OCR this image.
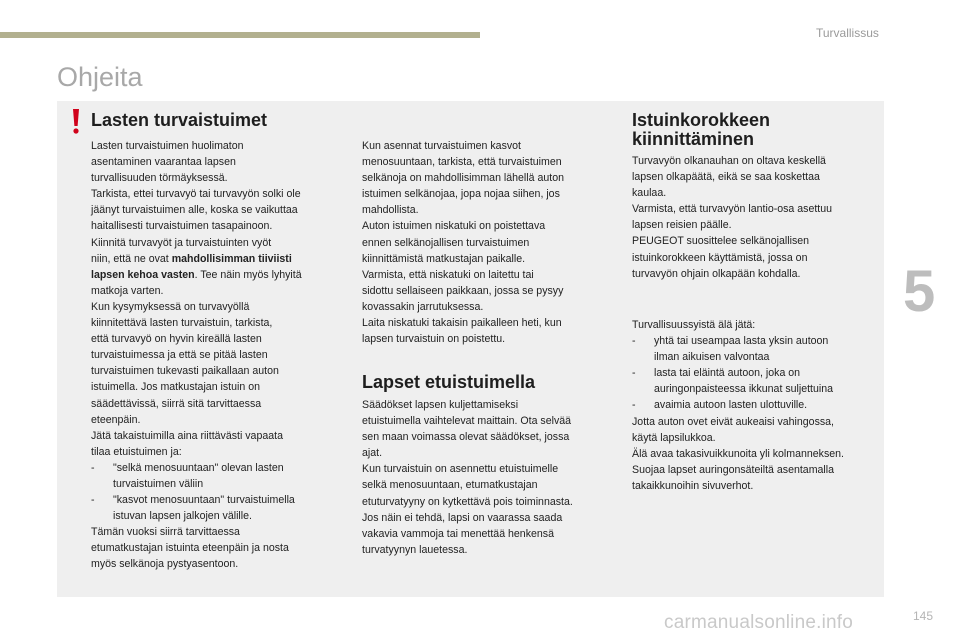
Turvallissus
5
Ohjeita
Lasten turvaistuimet

Lasten turvaistuimen huolimaton

asentaminen vaarantaa lapsen

turvallisuuden törmäyksessä.

Tarkista, ettei turvavyö tai turvavyön solki ole

jäänyt turvaistuimen alle, koska se vaikuttaa

haitallisesti turvaistuimen tasapainoon.

Kiinnitä turvavyöt ja turvaistuinten vyöt

niin, että ne ovat mahdollisimman tiiviisti

lapsen kehoa vasten. Tee näin myös lyhyitä

matkoja varten.

Kun kysymyksessä on turvavyöllä

kiinnitettävä lasten turvaistuin, tarkista,

että turvavyö on hyvin kireällä lasten

turvaistuimessa ja että se pitää lasten

turvaistuimen tukevasti paikallaan auton

istuimella. Jos matkustajan istuin on

säädettävissä, siirrä sitä tarvittaessa

eteenpäin.

Jätä takaistuimilla aina riittävästi vapaata

tilaa etuistuimen ja:

- "selkä menosuuntaan" olevan lasten

turvaistuimen väliin

- "kasvot menosuuntaan" turvaistuimella

istuvan lapsen jalkojen välille.

Tämän vuoksi siirrä tarvittaessa

etumatkustajan istuinta eteenpäin ja nosta

myös selkänoja pystyasentoon.

Kun asennat turvaistuimen kasvot

menosuuntaan, tarkista, että turvaistuimen

selkänoja on mahdollisimman lähellä auton

istuimen selkänojaa, jopa nojaa siihen, jos

mahdollista.

Auton istuimen niskatuki on poistettava

ennen selkänojallisen turvaistuimen

kiinnittämistä matkustajan paikalle.

Varmista, että niskatuki on laitettu tai

sidottu sellaiseen paikkaan, jossa se pysyy

kovassakin jarrutuksessa.

Laita niskatuki takaisin paikalleen heti, kun

lapsen turvaistuin on poistettu.

Lapset etuistuimella

Säädökset lapsen kuljettamiseksi

etuistuimella vaihtelevat maittain. Ota selvää

sen maan voimassa olevat säädökset, jossa

ajat.

Kun turvaistuin on asennettu etuistuimelle

selkä menosuuntaan, etumatkustajan

etuturvatyyny on kytkettävä pois toiminnasta.

Jos näin ei tehdä, lapsi on vaarassa saada

vakavia vammoja tai menettää henkensä

turvatyynyn lauetessa.

Istuinkorokkeen
kiinnittäminen

Turvavyön olkanauhan on oltava keskellä

lapsen olkapäätä, eikä se saa koskettaa

kaulaa.

Varmista, että turvavyön lantio-osa asettuu

lapsen reisien päälle.

PEUGEOT suosittelee selkänojallisen

istuinkorokkeen käyttämistä, jossa on

turvavyön ohjain olkapään kohdalla.

Turvallisuussyistä älä jätä:

- yhtä tai useampaa lasta yksin autoon

ilman aikuisen valvontaa

- lasta tai eläintä autoon, joka on

auringonpaisteessa ikkunat suljettuina

- avaimia autoon lasten ulottuville.

Jotta auton ovet eivät aukeaisi vahingossa,

käytä lapsilukkoa.

Älä avaa takasivuikkunoita yli kolmanneksen.

Suojaa lapset auringonsäteiltä asentamalla

takaikkunoihin sivuverhot.

145
carmanualsonline.info
